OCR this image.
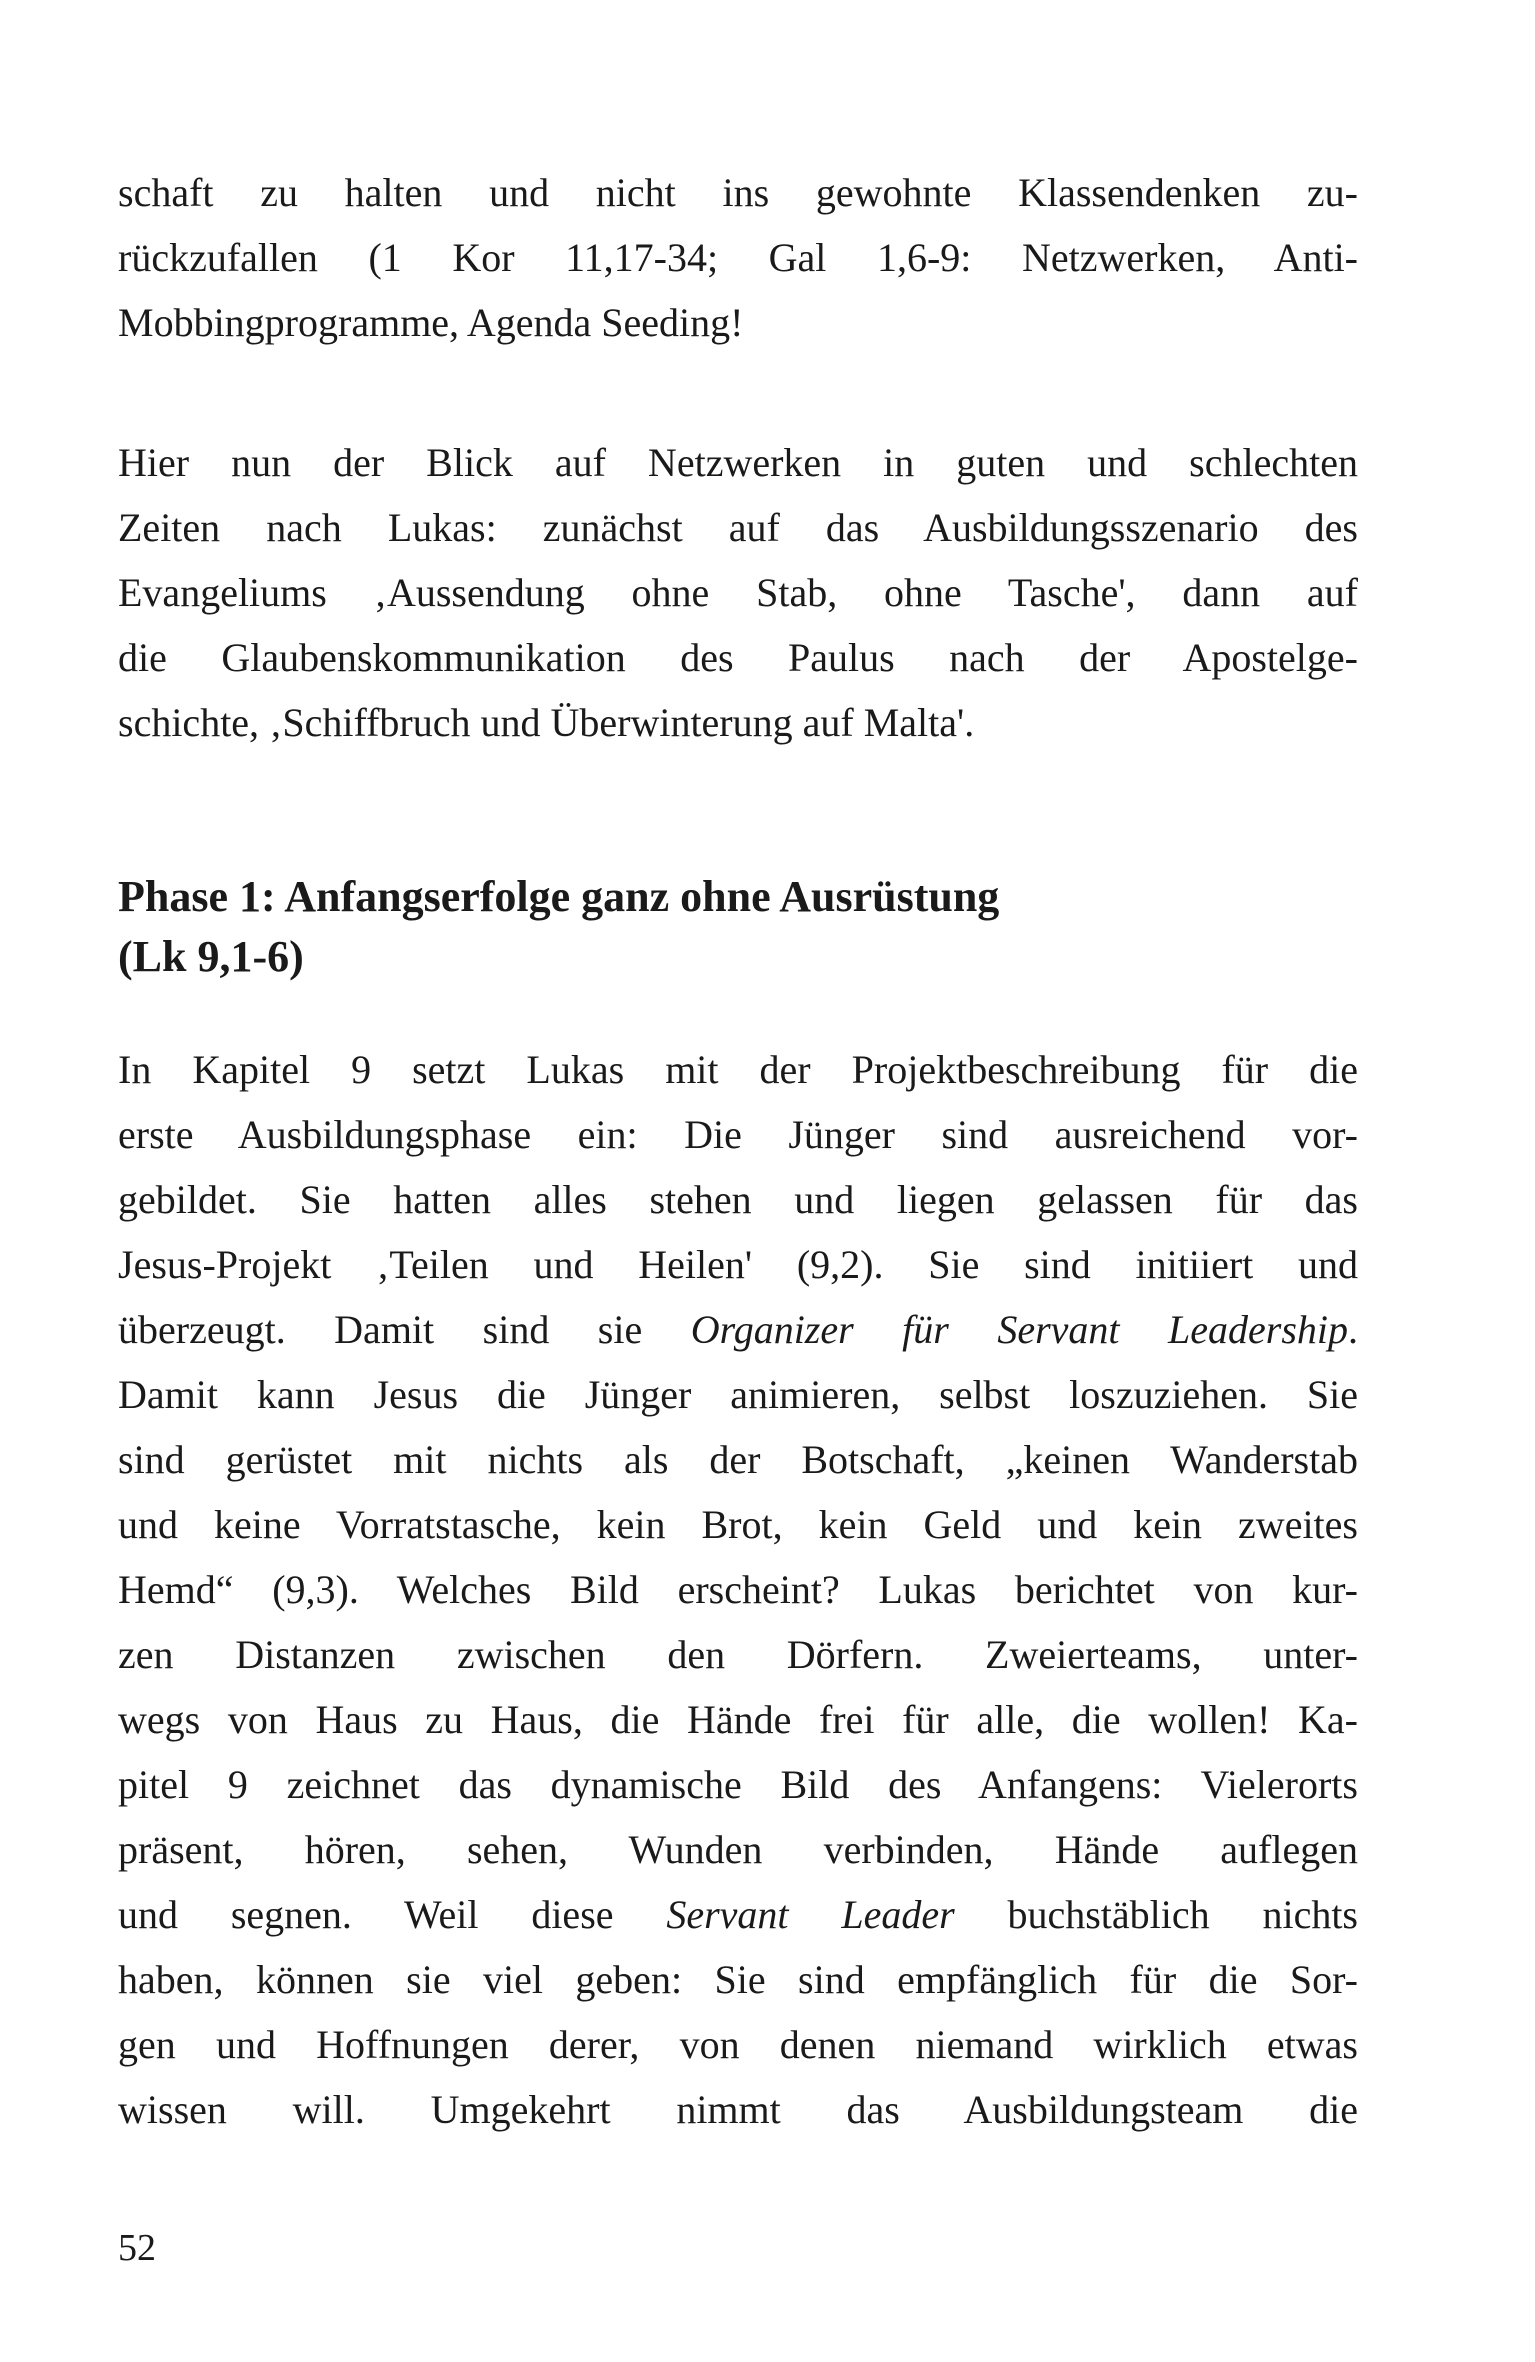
schaft zu halten und nicht ins gewohnte Klassendenken zu-
rückzufallen (1 Kor 11,17-34; Gal 1,6-9: Netzwerken, Anti-
Mobbingprogramme, Agenda Seeding!
Hier nun der Blick auf Netzwerken in guten und schlechten
Zeiten nach Lukas: zunächst auf das Ausbildungsszenario des
Evangeliums ‚Aussendung ohne Stab, ohne Tasche', dann auf
die Glaubenskommunikation des Paulus nach der Apostelge-
schichte, ‚Schiffbruch und Überwinterung auf Malta'.
Phase 1: Anfangserfolge ganz ohne Ausrüstung
(Lk 9,1-6)
In Kapitel 9 setzt Lukas mit der Projektbeschreibung für die
erste Ausbildungsphase ein: Die Jünger sind ausreichend vor-
gebildet. Sie hatten alles stehen und liegen gelassen für das
Jesus-Projekt ‚Teilen und Heilen' (9,2). Sie sind initiiert und
überzeugt. Damit sind sie Organizer für Servant Leadership.
Damit kann Jesus die Jünger animieren, selbst loszuziehen. Sie
sind gerüstet mit nichts als der Botschaft, „keinen Wanderstab
und keine Vorratstasche, kein Brot, kein Geld und kein zweites
Hemd“ (9,3). Welches Bild erscheint? Lukas berichtet von kur-
zen Distanzen zwischen den Dörfern. Zweierteams, unter-
wegs von Haus zu Haus, die Hände frei für alle, die wollen! Ka-
pitel 9 zeichnet das dynamische Bild des Anfangens: Vielerorts
präsent, hören, sehen, Wunden verbinden, Hände auflegen
und segnen. Weil diese Servant Leader buchstäblich nichts
haben, können sie viel geben: Sie sind empfänglich für die Sor-
gen und Hoffnungen derer, von denen niemand wirklich etwas
wissen will. Umgekehrt nimmt das Ausbildungsteam die
52
